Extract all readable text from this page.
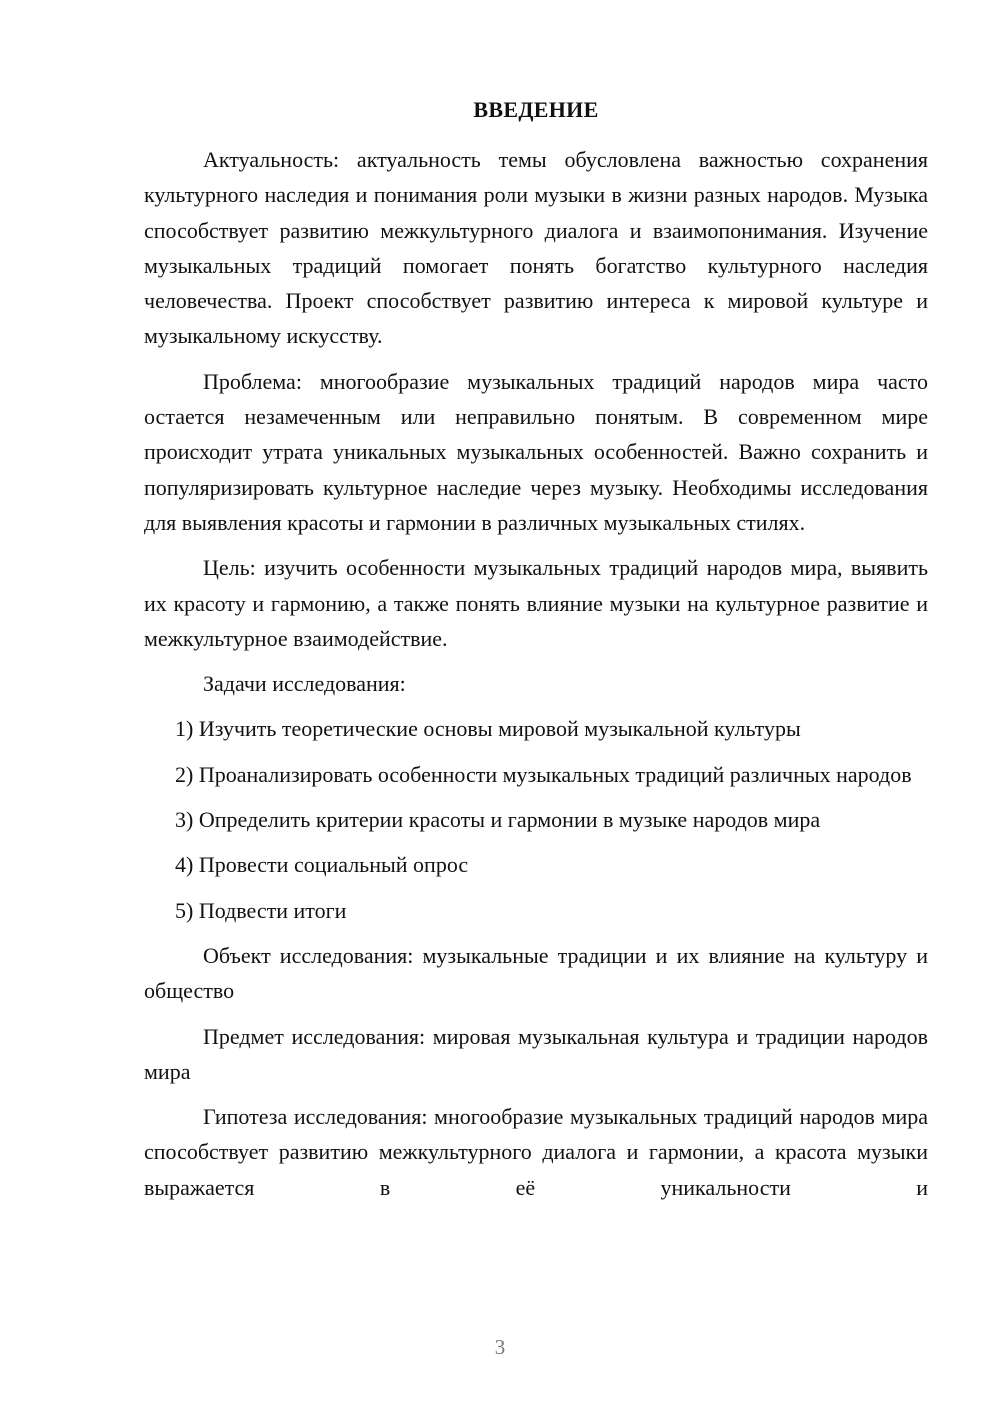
ВВЕДЕНИЕ

Актуальность: актуальность темы обусловлена важностью сохранения культурного наследия и понимания роли музыки в жизни разных народов. Музыка способствует развитию межкультурного диалога и взаимопонимания. Изучение музыкальных традиций помогает понять богатство культурного наследия человечества. Проект способствует развитию интереса к мировой культуре и музыкальному искусству.

Проблема: многообразие музыкальных традиций народов мира часто остается незамеченным или неправильно понятым. В современном мире происходит утрата уникальных музыкальных особенностей. Важно сохранить и популяризировать культурное наследие через музыку. Необходимы исследования для выявления красоты и гармонии в различных музыкальных стилях.

Цель: изучить особенности музыкальных традиций народов мира, выявить их красоту и гармонию, а также понять влияние музыки на культурное развитие и межкультурное взаимодействие.

Задачи исследования:

1) Изучить теоретические основы мировой музыкальной культуры

2) Проанализировать особенности музыкальных традиций различных народов

3) Определить критерии красоты и гармонии в музыке народов мира

4) Провести социальный опрос

5) Подвести итоги

Объект исследования: музыкальные традиции и их влияние на культуру и общество

Предмет исследования: мировая музыкальная культура и традиции народов мира

Гипотеза исследования: многообразие музыкальных традиций народов мира способствует развитию межкультурного диалога и гармонии, а красота музыки выражается в её уникальности и

3
